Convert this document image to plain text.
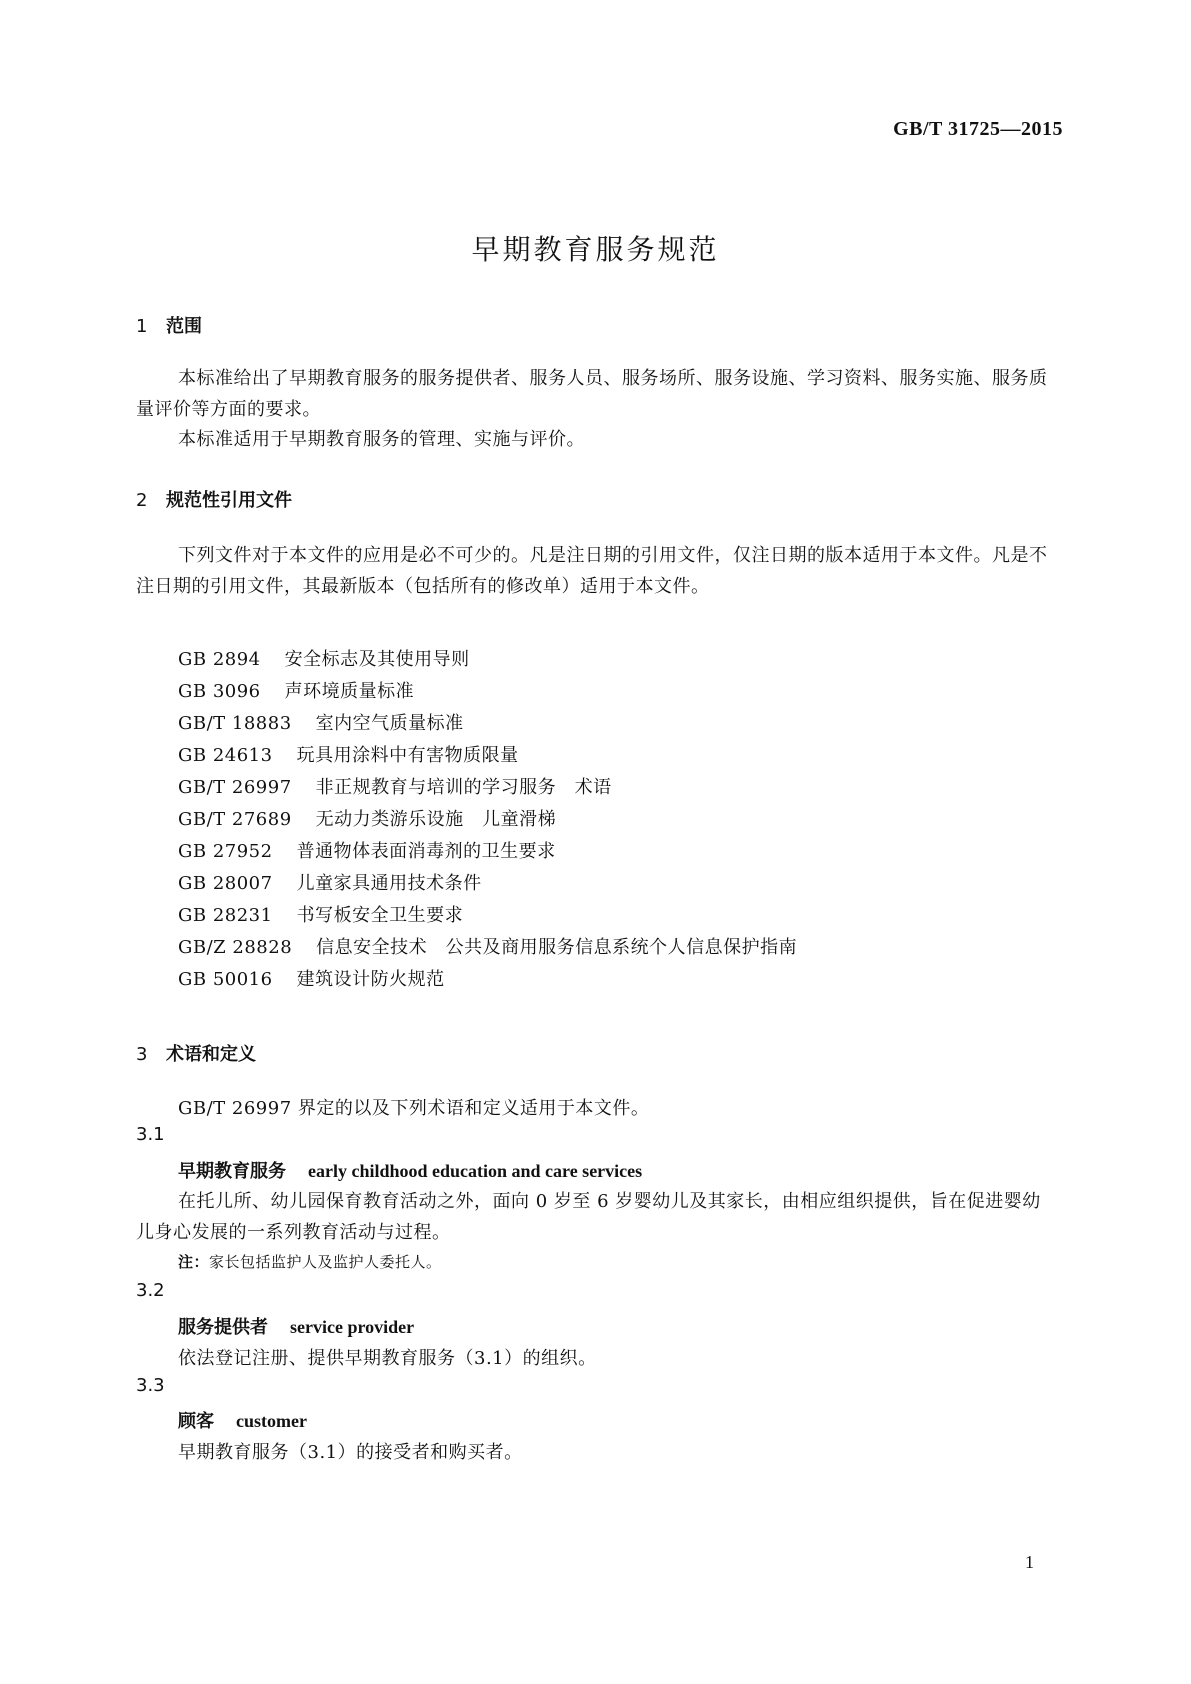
GB/T 31725—2015
早期教育服务规范
1 范围
本标准给出了早期教育服务的服务提供者、服务人员、服务场所、服务设施、学习资料、服务实施、服务质量评价等方面的要求。
本标准适用于早期教育服务的管理、实施与评价。
2 规范性引用文件
下列文件对于本文件的应用是必不可少的。凡是注日期的引用文件，仅注日期的版本适用于本文件。凡是不注日期的引用文件，其最新版本（包括所有的修改单）适用于本文件。
GB 2894 安全标志及其使用导则
GB 3096 声环境质量标准
GB/T 18883 室内空气质量标准
GB 24613 玩具用涂料中有害物质限量
GB/T 26997 非正规教育与培训的学习服务　术语
GB/T 27689 无动力类游乐设施　儿童滑梯
GB 27952 普通物体表面消毒剂的卫生要求
GB 28007 儿童家具通用技术条件
GB 28231 书写板安全卫生要求
GB/Z 28828 信息安全技术　公共及商用服务信息系统个人信息保护指南
GB 50016 建筑设计防火规范
3 术语和定义
GB/T 26997 界定的以及下列术语和定义适用于本文件。
3.1
早期教育服务 early childhood education and care services
在托儿所、幼儿园保育教育活动之外，面向 0 岁至 6 岁婴幼儿及其家长，由相应组织提供，旨在促进婴幼儿身心发展的一系列教育活动与过程。
注：家长包括监护人及监护人委托人。
3.2
服务提供者 service provider
依法登记注册、提供早期教育服务（3.1）的组织。
3.3
顾客 customer
早期教育服务（3.1）的接受者和购买者。
1
